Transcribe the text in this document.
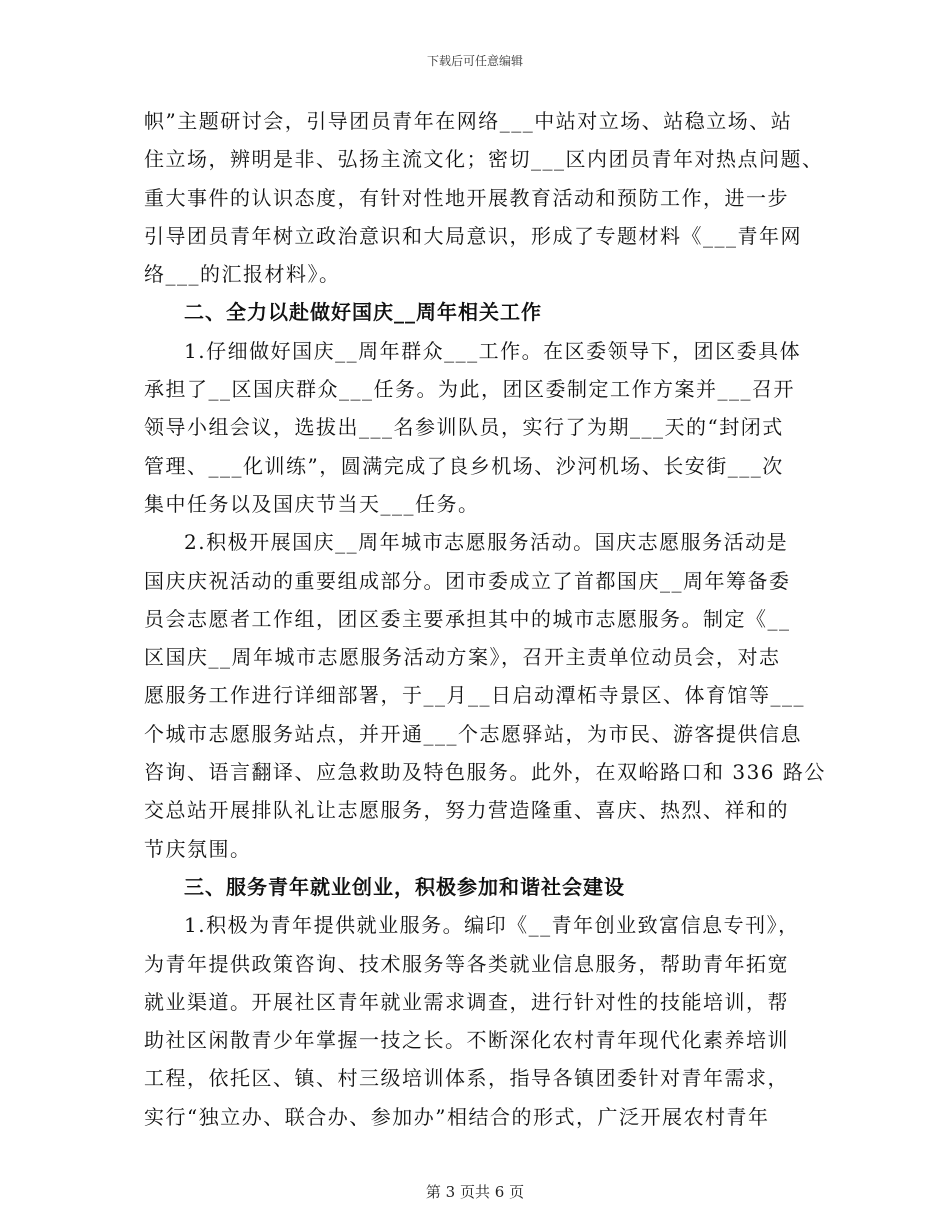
下载后可任意编辑
帜”主题研讨会，引导团员青年在网络___中站对立场、站稳立场、站
住立场，辨明是非、弘扬主流文化；密切___区内团员青年对热点问题、
重大事件的认识态度，有针对性地开展教育活动和预防工作，进一步
引导团员青年树立政治意识和大局意识，形成了专题材料《___青年网
络___的汇报材料》。
二、全力以赴做好国庆__周年相关工作
1.仔细做好国庆__周年群众___工作。在区委领导下，团区委具体
承担了__区国庆群众___任务。为此，团区委制定工作方案并___召开
领导小组会议，选拔出___名参训队员，实行了为期___天的“封闭式
管理、___化训练”，圆满完成了良乡机场、沙河机场、长安街___次
集中任务以及国庆节当天___任务。
2.积极开展国庆__周年城市志愿服务活动。国庆志愿服务活动是
国庆庆祝活动的重要组成部分。团市委成立了首都国庆__周年筹备委
员会志愿者工作组，团区委主要承担其中的城市志愿服务。制定《__
区国庆__周年城市志愿服务活动方案》，召开主责单位动员会，对志
愿服务工作进行详细部署，于__月__日启动潭柘寺景区、体育馆等___
个城市志愿服务站点，并开通___个志愿驿站，为市民、游客提供信息
咨询、语言翻译、应急救助及特色服务。此外，在双峪路口和 336 路公
交总站开展排队礼让志愿服务，努力营造隆重、喜庆、热烈、祥和的
节庆氛围。
三、服务青年就业创业，积极参加和谐社会建设
1.积极为青年提供就业服务。编印《__青年创业致富信息专刊》，
为青年提供政策咨询、技术服务等各类就业信息服务，帮助青年拓宽
就业渠道。开展社区青年就业需求调查，进行针对性的技能培训，帮
助社区闲散青少年掌握一技之长。不断深化农村青年现代化素养培训
工程，依托区、镇、村三级培训体系，指导各镇团委针对青年需求，
实行“独立办、联合办、参加办”相结合的形式，广泛开展农村青年
第 3 页共 6 页
